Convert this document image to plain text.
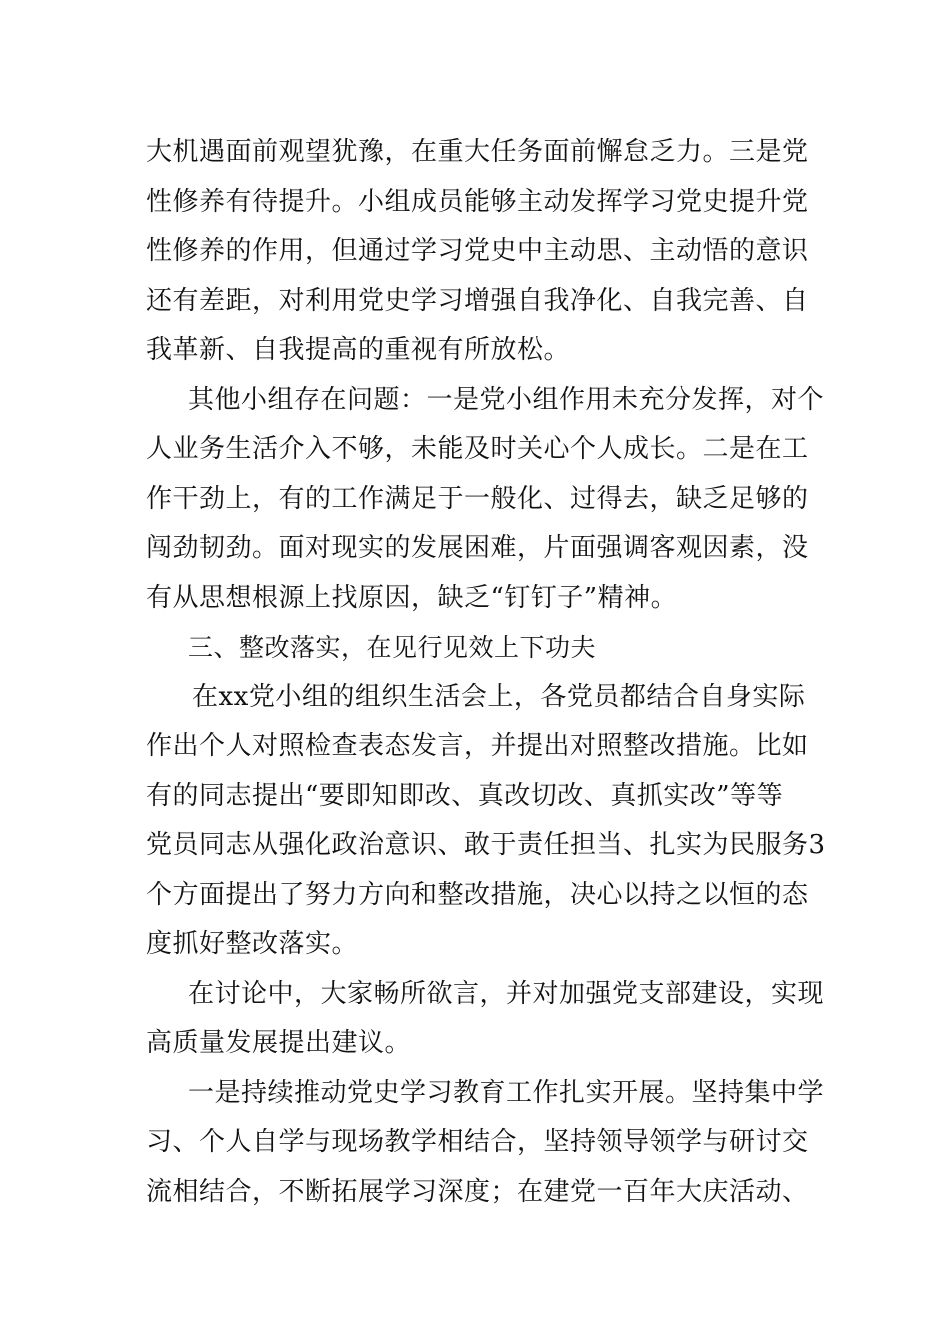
大机遇面前观望犹豫，在重大任务面前懈怠乏力。三是党
性修养有待提升。小组成员能够主动发挥学习党史提升党
性修养的作用，但通过学习党史中主动思、主动悟的意识
还有差距，对利用党史学习增强自我净化、自我完善、自
我革新、自我提高的重视有所放松。
其他小组存在问题：一是党小组作用未充分发挥，对个
人业务生活介入不够，未能及时关心个人成长。二是在工
作干劲上，有的工作满足于一般化、过得去，缺乏足够的
闯劲韧劲。面对现实的发展困难，片面强调客观因素，没
有从思想根源上找原因，缺乏“钉钉子”精神。
三、整改落实，在见行见效上下功夫
在xx党小组的组织生活会上，各党员都结合自身实际
作出个人对照检查表态发言，并提出对照整改措施。比如
有的同志提出“要即知即改、真改切改、真抓实改”等等
党员同志从强化政治意识、敢于责任担当、扎实为民服务3
个方面提出了努力方向和整改措施，决心以持之以恒的态
度抓好整改落实。
在讨论中，大家畅所欲言，并对加强党支部建设，实现
高质量发展提出建议。
一是持续推动党史学习教育工作扎实开展。坚持集中学
习、个人自学与现场教学相结合，坚持领导领学与研讨交
流相结合，不断拓展学习深度；在建党一百年大庆活动、
